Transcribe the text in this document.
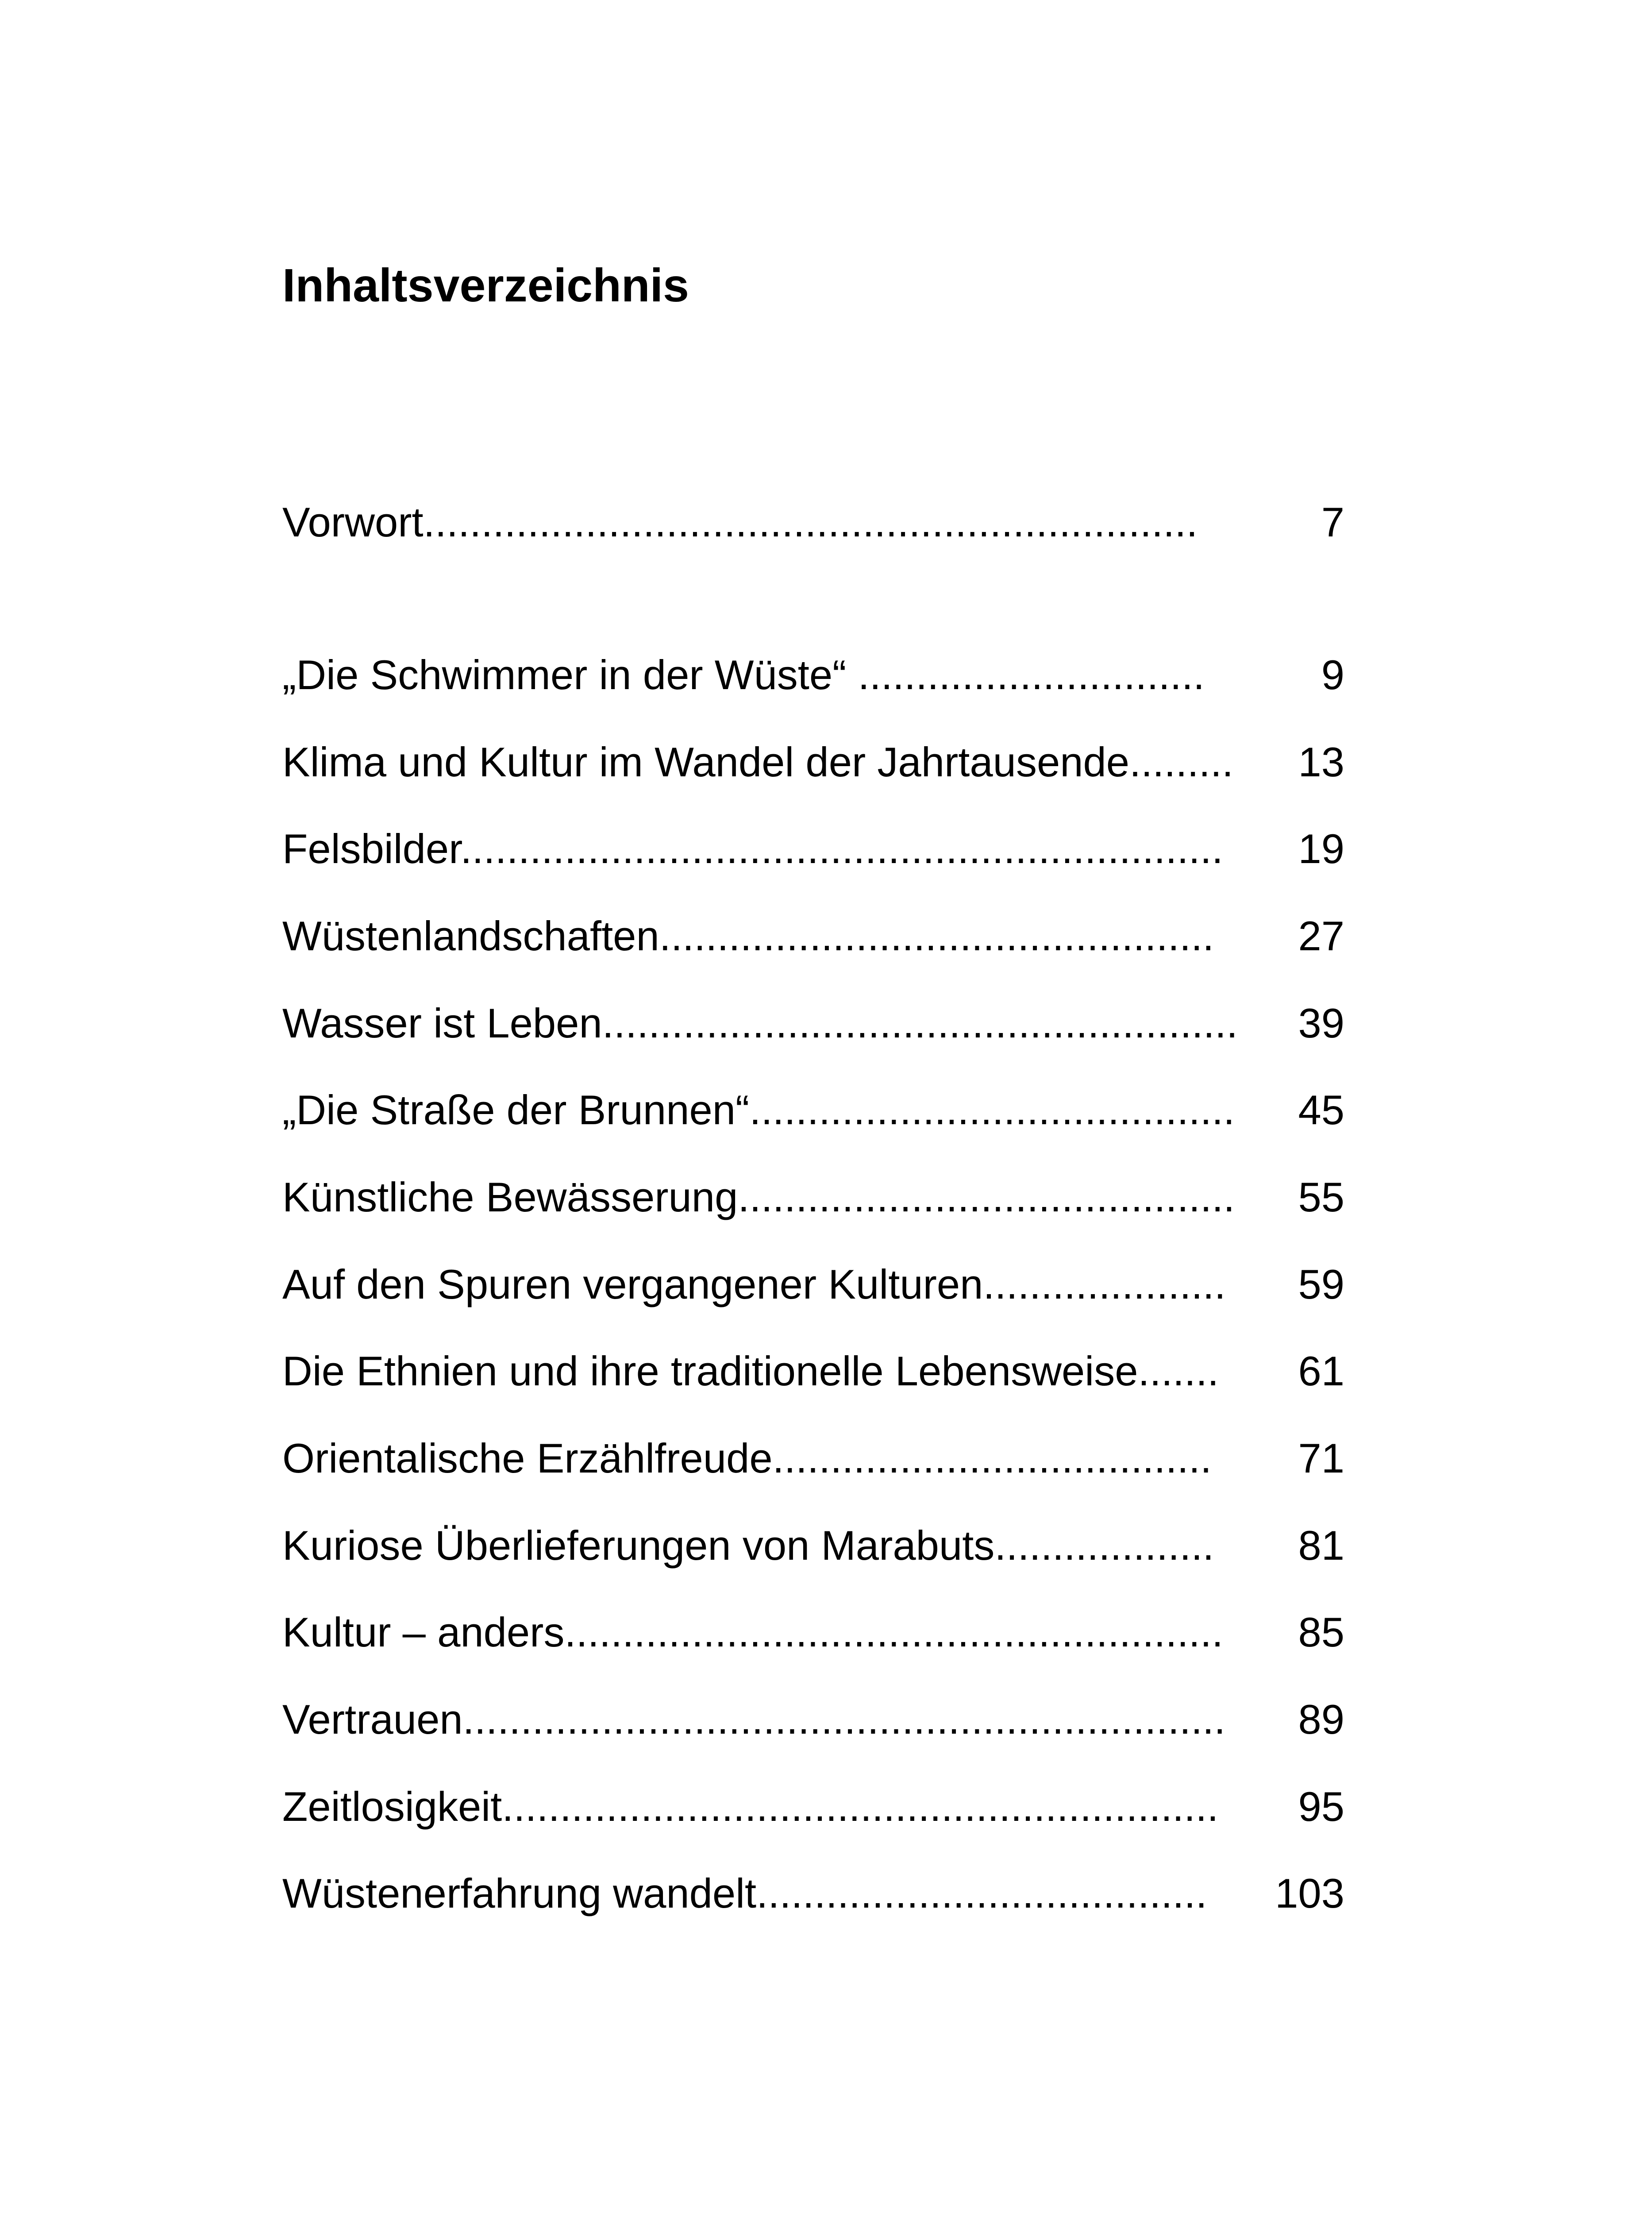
Inhaltsverzeichnis
Vorwort...................................................................	7
„Die Schwimmer in der Wüste“ ..............................	9
Klima und Kultur im Wandel der Jahrtausende.........	13
Felsbilder..................................................................	19
Wüstenlandschaften................................................	27
Wasser ist Leben.......................................................	39
„Die Straße der Brunnen“..........................................	45
Künstliche Bewässerung...........................................	55
Auf den Spuren vergangener Kulturen.....................	59
Die Ethnien und ihre traditionelle Lebensweise.......	61
Orientalische Erzählfreude......................................	71
Kuriose Überlieferungen von Marabuts...................	81
Kultur – anders.........................................................	85
Vertrauen..................................................................	89
Zeitlosigkeit..............................................................	95
Wüstenerfahrung wandelt.......................................	103
